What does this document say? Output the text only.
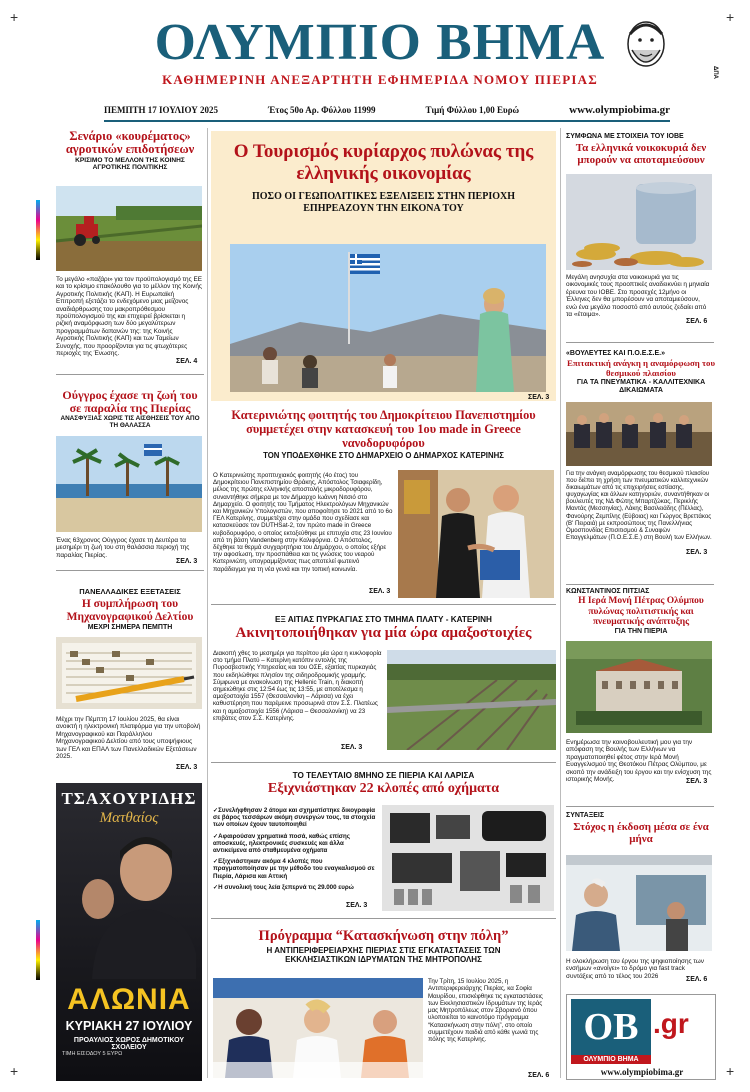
+	+
+	+
ΟΛΥΜΠΙΟ ΒΗΜΑ
ΚΑΘΗΜΕΡΙΝΗ ΑΝΕΞΑΡΤΗΤΗ ΕΦΗΜΕΡΙΔΑ ΝΟΜΟΥ ΠΙΕΡΙΑΣ	ΔΠΑ
ΠΕΜΠΤΗ 17 ΙΟΥΛΙΟΥ 2025	Έτος 50ο Αρ. Φύλλου 11999	Τιμή Φύλλου 1,00 Ευρώ	www.olympiobima.gr
Σενάριο «κουρέματος» αγροτικών επιδοτήσεων
ΚΡΙΣΙΜΟ ΤΟ ΜΕΛΛΟΝ ΤΗΣ ΚΟΙΝΗΣ ΑΓΡΟΤΙΚΗΣ ΠΟΛΙΤΙΚΗΣ
Το μεγάλο «παζάρι» για τον προϋπολογισμό της ΕΕ και το κρίσιμο επακόλουθο για το μέλλον της Κοινής Αγροτικής Πολιτικής (ΚΑΠ). Η Ευρωπαϊκή Επιτροπή εξετάζει το ενδεχόμενο μιας μείζονος αναδιάρθρωσης του μακροπρόθεσμου προϋπολογισμού της και επιχειρεί βρίσκεται η ριζική αναμόρφωση των δύο μεγαλύτερων προγραμμάτων δαπανών της: της Κοινής Αγροτικής Πολιτικής (ΚΑΠ) και των Ταμείων Συνοχής, που προορίζονται για τις φτωχότερες περιοχές της Ένωσης.
ΣΕΛ. 4
Ούγγρος έχασε τη ζωή του σε παραλία της Πιερίας
ΑΝΑΣΦΥΞΙΑΣ ΧΩΡΙΣ ΤΙΣ ΑΙΣΘΗΣΕΙΣ ΤΟΥ ΑΠΟ ΤΗ ΘΑΛΑΣΣΑ
Ένας 63χρονος Ούγγρος έχασε τη Δευτέρα τα μεσημέρι τη ζωή του στη θαλάσσια περιοχή της παραλίας Πιερίας.
ΣΕΛ. 3
ΠΑΝΕΛΛΑΔΙΚΕΣ ΕΞΕΤΑΣΕΙΣ
Η συμπλήρωση του Μηχανογραφικού Δελτίου
ΜΕΧΡΙ ΣΗΜΕΡΑ ΠΕΜΠΤΗ
Μέχρι την Πέμπτη 17 Ιουλίου 2025, θα είναι ανοικτή η ηλεκτρονική πλατφόρμα για την υποβολή Μηχανογραφικού και Παράλληλου Μηχανογραφικού Δελτίου από τους υποψήφιους των ΓΕΛ και ΕΠΑΛ των Πανελλαδικών Εξετάσεων 2025.
ΣΕΛ. 3
ΤΣΑΧΟΥΡΙΔΗΣ
Ματθαίος
ΑΛΩΝΙΑ
ΚΥΡΙΑΚΗ 27 ΙΟΥΛΙΟΥ
ΠΡΟΑΥΛΙΟΣ ΧΩΡΟΣ ΔΗΜΟΤΙΚΟΥ ΣΧΟΛΕΙΟΥ
ΤΙΜΗ ΕΙΣΟΔΟΥ 5 ΕΥΡΩ
Ο Τουρισμός κυρίαρχος πυλώνας της ελληνικής οικονομίας
ΠΟΣΟ ΟΙ ΓΕΩΠΟΛΙΤΙΚΕΣ ΕΞΕΛΙΞΕΙΣ ΣΤΗΝ ΠΕΡΙΟΧΗ ΕΠΗΡΕΑΖΟΥΝ ΤΗΝ ΕΙΚΟΝΑ ΤΟΥ
ΣΕΛ. 3
Κατερινιώτης φοιτητής του Δημοκρίτειου Πανεπιστημίου συμμετέχει στην κατασκευή του 1ου made in Greece νανοδορυφόρου
ΤΟΝ ΥΠΟΔΕΧΘΗΚΕ ΣΤΟ ΔΗΜΑΡΧΕΙΟ Ο ΔΗΜΑΡΧΟΣ ΚΑΤΕΡΙΝΗΣ
Ο Κατερινιώτης προπτυχιακός φοιτητής (4ο έτος) του Δημοκρίτειου Πανεπιστημίου Θράκης, Απόστολος Τσιαφερίδη, μέλος της πρώτης ελληνικής αποστολής μικροδορυφόρου, συναντήθηκε σήμερα με τον Δήμαρχο Ιωάννη Νιτσιό στο Δημαρχείο. Ο φοιτητής του Τμήματος Ηλεκτρολόγων Μηχανικών και Μηχανικών Υπολογιστών, που αποφοίτησε το 2021 από το 6ο ΓΕΛ Κατερίνης, συμμετέχει στην ομάδα που σχεδίασε και κατασκεύασε τον DUTHSat-2, τον πρώτο made in Greece κυβοδορυφόρο, ο οποίος εκτοξεύθηκε με επιτυχία στις 23 Ιουνίου από τη βάση Vandenberg στην Καλιφόρνια. Ο Απόστολος, δέχθηκε τα θερμά συγχαρητήρια του Δημάρχου, ο οποίος εξήρε την αφοσίωση, την προσπάθεια και τις γνώσεις του νεαρού Κατερινιώτη, υπογραμμίζοντας πως αποτελεί φωτεινό παράδειγμα για τη νέα γενιά και την τοπική κοινωνία.
ΣΕΛ. 3
ΕΞ ΑΙΤΙΑΣ ΠΥΡΚΑΓΙΑΣ ΣΤΟ ΤΜΗΜΑ ΠΛΑΤΥ - ΚΑΤΕΡΙΝΗ
Ακινητοποιήθηκαν για μία ώρα αμαξοστοιχίες
Διακοπή χθες το μεσημέρι για περίπου μία ώρα η κυκλοφορία στο τμήμα Πλατύ – Κατερίνη κατόπιν εντολής της Πυροσβεστικής Υπηρεσίας και του ΟΣΕ, εξαιτίας πυρκαγιάς που εκδηλώθηκε πλησίον της σιδηροδρομικής γραμμής.
Σύμφωνα με ανακοίνωση της Hellenic Train, η διακοπή σημειώθηκε στις 12:54 έως τις 13:55, με αποτέλεσμα η αμαξοστοιχία 1557 (Θεσσαλονίκη – Λάρισα) να έχει καθυστέρηση που παρέμεινε προσωρινά στον Σ.Σ. Πλατέως και η αμαξοστοιχία 1556 (Λάρισα – Θεσσαλονίκη) να 23 επιβάτες στον Σ.Σ. Κατερίνης.
ΣΕΛ. 3
ΤΟ ΤΕΛΕΥΤΑΙΟ 8ΜΗΝΟ ΣΕ ΠΙΕΡΙΑ ΚΑΙ ΛΑΡΙΣΑ
Εξιχνιάστηκαν 22 κλοπές από οχήματα
✓Συνελήφθησαν 2 άτομα και σχηματίστηκε δικογραφία σε βάρος τεσσάρων ακόμη συνεργών τους, τα στοιχεία των οποίων έχουν ταυτοποιηθεί
✓Αφαιρούσαν χρηματικά ποσά, καθώς επίσης αποσκευές, ηλεκτρονικές συσκευές και άλλα αντικείμενα από σταθμευμένα οχήματα
✓Εξιχνιάστηκαν ακόμα 4 κλοπές που πραγματοποίησαν με την μέθοδο του εναγκαλισμού σε Πιερία, Λάρισα και Αττική
✓Η συνολική τους λεία ξεπερνά τις 29.000 ευρώ
ΣΕΛ. 3
Πρόγραμμα “Κατασκήνωση στην πόλη”
Η ΑΝΤΙΠΕΡΙΦΕΡΕΙΑΡΧΗΣ ΠΙΕΡΙΑΣ ΣΤΙΣ ΕΓΚΑΤΑΣΤΑΣΕΙΣ ΤΩΝ ΕΚΚΛΗΣΙΑΣΤΙΚΩΝ ΙΔΡΥΜΑΤΩΝ ΤΗΣ ΜΗΤΡΟΠΟΛΗΣ
Την Τρίτη, 15 Ιουλίου 2025, η Αντιπεριφερειάρχης Πιερίας, κα Σοφία Μαυρίδου, επισκέφθηκε τις εγκαταστάσεις των Εκκλησιαστικών Ιδρυμάτων της Ιεράς μας Μητροπόλεως στον Σβοριανό όπου υλοποιείται το καινοτόμο πρόγραμμα “Κατασκήνωση στην πόλη”, στο οποίο συμμετέχουν παιδιά από κάθε γωνιά της πόλης της Κατερίνης.
ΣΕΛ. 6
ΣΥΜΦΩΝΑ ΜΕ ΣΤΟΙΧΕΙΑ ΤΟΥ ΙΟΒΕ
Τα ελληνικά νοικοκυριά δεν μπορούν να αποταμιεύσουν
Μεγάλη ανησυχία στα νοικοκυριά για τις οικονομικές τους προοπτικές αναδεικνύει η μηνιαία έρευνα του ΙΟΒΕ. Στο προσεχές 12μήνο οι Έλληνες δεν θα μπορέσουν να αποταμιεύσουν, ενώ ένα μεγάλο ποσοστό από αυτούς ζεδαίει από τα «έτοιμα».
ΣΕΛ. 6
«ΒΟΥΛΕΥΤΕΣ ΚΑΙ Π.Ο.Ε.Σ.Ε.»
Επιτακτική ανάγκη η αναμόρφωση του θεσμικού πλαισίου
ΓΙΑ ΤΑ ΠΝΕΥΜΑΤΙΚΑ - ΚΑΛΛΙΤΕΧΝΙΚΑ ΔΙΚΑΙΩΜΑΤΑ
Για την ανάγκη αναμόρφωσης του θεσμικού πλαισίου που διέπει τη χρήση των πνευματικών καλλιτεχνικών δικαιωμάτων από τις επιχειρήσεις εστίασης, ψυχαγωγίας και άλλων κατηγοριών, συναντήθηκαν οι βουλευτές της ΝΔ Φώτης Μπαρτζώκας, Περικλής Μαντάς (Μεσσηνίας), Λάκης Βασιλειάδης (Πέλλας), Φανούρης Ζεμπίλης (Εύβοιας) και Γιώργος Βρεττάκος (Β' Πειραιά) με εκπροσώπους της Πανελλήνιας Ομοσπονδίας Επισιτισμού & Συναφών Επαγγελμάτων (Π.Ο.Ε.Σ.Ε.) στη Βουλή των Ελλήνων.
ΣΕΛ. 3
ΚΩΝΣΤΑΝΤΙΝΟΣ ΠΙΤΣΙΑΣ
Η Ιερά Μονή Πέτρας Ολύμπου πυλώνας πολιτιστικής και πνευματικής ανάπτυξης
ΓΙΑ ΤΗΝ ΠΙΕΡΙΑ
Ενημέρωσα την κοινοβουλευτική μου για την απόφαση της Βουλής των Ελλήνων να πραγματοποιηθεί φέτος στην Ιερά Μονή Ευαγγελισμού της Θεοτόκου Πέτρας Ολύμπου, με σκοπό την ανάδειξη του έργου και την ενίσχυση της ιστορικής Μονής.	ΣΕΛ. 3
ΣΥΝΤΑΞΕΙΣ
Στόχος η έκδοση μέσα σε ένα μήνα
Η ολοκλήρωση του έργου της ψηφιοποίησης των ενσήμων «ανοίγει» το δρόμο για fast track συντάξεις από το τέλος του 2026	ΣΕΛ. 6
OB .gr
ΟΛΥΜΠΙΟ ΒΗΜΑ
www.olympiobima.gr
